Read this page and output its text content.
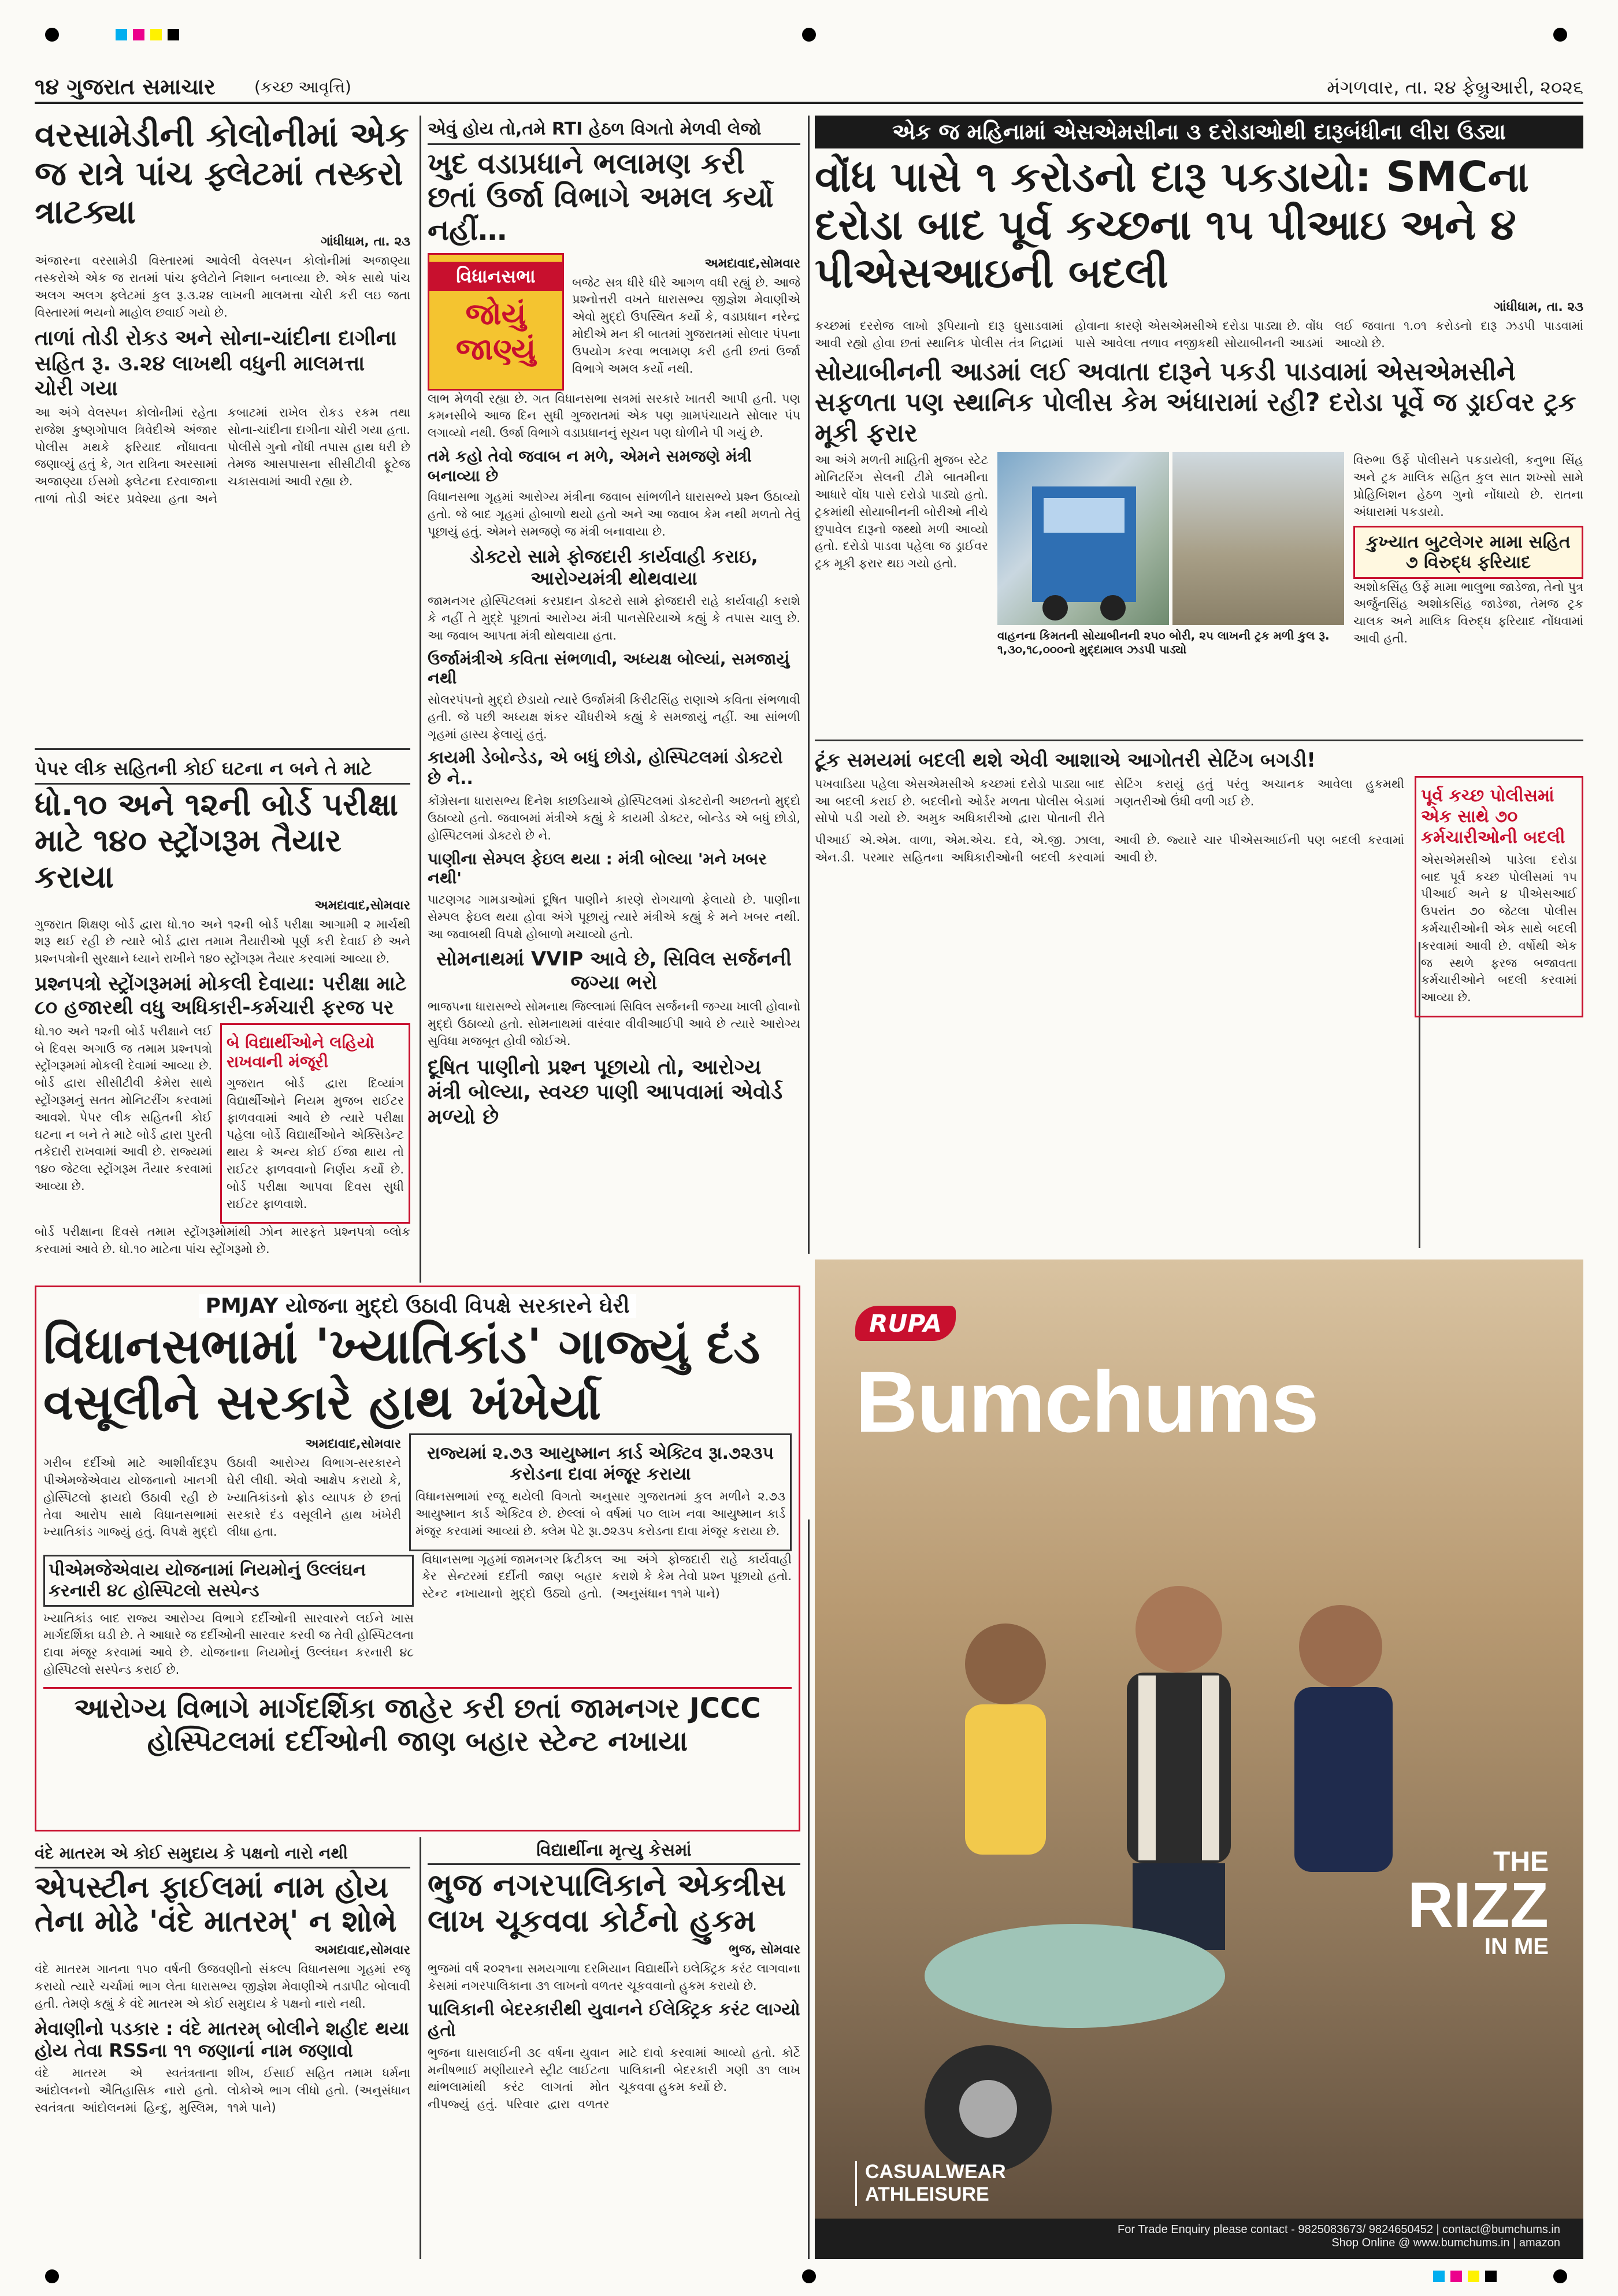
૧૪ ગુજરાત સમાચાર (કચ્છ આવૃત્તિ)	મંગળવાર, તા. ૨૪ ફેબ્રુઆરી, ૨૦૨૬
વરસામેડીની કોલોનીમાં એક જ રાત્રે પાંચ ફ્લેટમાં તસ્કરો ત્રાટક્યા
ગાંધીધામ, તા. ૨૩

અંજારના વરસામેડી વિસ્તારમાં આવેલી વેલસ્પન કોલોનીમાં અજાણ્યા તસ્કરોએ એક જ રાતમાં પાંચ ફ્લેટોને નિશાન બનાવ્યા છે. એક સાથે પાંચ અલગ અલગ ફ્લેટમાં કુલ રૂ.૩.૨૪ લાખની માલમત્તા ચોરી કરી લઇ જતા વિસ્તારમાં ભયનો માહોલ છવાઈ ગયો છે.

તાળાં તોડી રોકડ અને સોના-ચાંદીના દાગીના સહિત રૂ. ૩.૨૪ લાખથી વધુની માલમત્તા ચોરી ગયા

આ અંગે વેલસ્પન કોલોનીમાં રહેતા રાજેશ કુષ્ણગોપાલ ત્રિવેદીએ અંજાર પોલીસ મથકે ફરિયાદ નોંધાવતા જણાવ્યું હતું કે, ગત રાત્રિના અરસામાં અજાણ્યા ઈસમો ફ્લેટના દરવાજાના તાળાં તોડી અંદર પ્રવેશ્યા હતા અને કબાટમાં રાખેલ રોકડ રકમ તથા સોના-ચાંદીના દાગીના ચોરી ગયા હતા. પોલીસે ગુનો નોંધી તપાસ હાથ ધરી છે તેમજ આસપાસના સીસીટીવી ફૂટેજ ચકાસવામાં આવી રહ્યા છે.

પેપર લીક સહિતની કોઈ ઘટના ન બને તે માટે
ધો.૧૦ અને ૧૨ની બોર્ડ પરીક્ષા માટે ૧૪૦ સ્ટ્રોંગરૂમ તૈયાર કરાયા
અમદાવાદ,સોમવાર

ગુજરાત શિક્ષણ બોર્ડ દ્વારા ધો.૧૦ અને ૧૨ની બોર્ડ પરીક્ષા આગામી ૨ માર્ચથી શરૂ થઈ રહી છે ત્યારે બોર્ડ દ્વારા તમામ તૈયારીઓ પૂર્ણ કરી દેવાઈ છે અને પ્રશ્નપત્રોની સુરક્ષાને ધ્યાને રાખીને ૧૪૦ સ્ટ્રોંગરૂમ તૈયાર કરવામાં આવ્યા છે.

પ્રશ્નપત્રો સ્ટ્રોંગરૂમમાં મોકલી દેવાયા: પરીક્ષા માટે ૮૦ હજારથી વધુ અધિકારી-કર્મચારી ફરજ પર

ધો.૧૦ અને ૧૨ની બોર્ડ પરીક્ષાને લઈ બે દિવસ અગાઉ જ તમામ પ્રશ્નપત્રો સ્ટ્રોંગરૂમમાં મોકલી દેવામાં આવ્યા છે. બોર્ડ દ્વારા સીસીટીવી કેમેરા સાથે સ્ટ્રોંગરૂમનું સતત મોનિટરીંગ કરવામાં આવશે. પેપર લીક સહિતની કોઈ ઘટના ન બને તે માટે બોર્ડ દ્વારા પુરતી તકેદારી રાખવામાં આવી છે. રાજ્યમાં ૧૪૦ જેટલા સ્ટ્રોંગરૂમ તૈયાર કરવામાં આવ્યા છે.

બે વિદ્યાર્થીઓને લહિયો રાખવાની મંજૂરી

ગુજરાત બોર્ડ દ્વારા દિવ્યાંગ વિદ્યાર્થીઓને નિયમ મુજબ રાઈટર ફાળવવામાં આવે છે ત્યારે પરીક્ષા પહેલા બોર્ડે વિદ્યાર્થીઓને એક્સિડેન્ટ થાય કે અન્ય કોઈ ઈજા થાય તો રાઈટર ફાળવવાનો નિર્ણય કર્યો છે. બોર્ડ પરીક્ષા આપવા દિવસ સુધી રાઈટર ફાળવાશે.

બોર્ડ પરીક્ષાના દિવસે તમામ સ્ટ્રોંગરૂમોમાંથી ઝોન મારફતે પ્રશ્નપત્રો બ્લોક કરવામાં આવે છે. ધો.૧૦ માટેના પાંચ સ્ટ્રોંગરૂમો છે.

એવું હોય તો,તમે RTI હેઠળ વિગતો મેળવી લેજો
ખુદ વડાપ્રધાને ભલામણ કરી છતાં ઉર્જા વિભાગે અમલ કર્યો નહીં…
વિધાનસભા
જોયું
જાણ્યું
અમદાવાદ,સોમવાર

બજેટ સત્ર ધીરે ધીરે આગળ વધી રહ્યું છે. આજે પ્રશ્નોત્તરી વખતે ધારાસભ્ય જીજ્ઞેશ મેવાણીએ એવો મુદ્દો ઉપસ્થિત કર્યો કે, વડાપ્રધાન નરેન્દ્ર મોદીએ મન કી બાતમાં ગુજરાતમાં સોલાર પંપના ઉપયોગ કરવા ભલામણ કરી હતી છતાં ઉર્જા વિભાગે અમલ કર્યો નથી.

લાભ મેળવી રહ્યા છે. ગત વિધાનસભા સત્રમાં સરકારે ખાતરી આપી હતી. પણ કમનસીબે આજ દિન સુધી ગુજરાતમાં એક પણ ગ્રામપંચાયતે સોલાર પંપ લગાવ્યો નથી. ઉર્જા વિભાગે વડાપ્રધાનનું સૂચન પણ ઘોળીને પી ગયું છે.

તમે કહો તેવો જવાબ ન મળે, એમને સમજણે મંત્રી બનાવ્યા છે

વિધાનસભા ગૃહમાં આરોગ્ય મંત્રીના જવાબ સાંભળીને ધારાસભ્યે પ્રશ્ન ઉઠાવ્યો હતો. જે બાદ ગૃહમાં હોબાળો થયો હતો અને આ જવાબ કેમ નથી મળતો તેવું પૂછાયું હતું. એમને સમજણે જ મંત્રી બનાવાયા છે.

ડોક્ટરો સામે ફોજદારી કાર્યવાહી કરાઇ, આરોગ્યમંત્રી થોથવાયા

જામનગર હોસ્પિટલમાં કરપ્રદાન ડોક્ટરો સામે ફોજદારી રાહે કાર્યવાહી કરાશે કે નહીં તે મુદ્દે પૂછાતાં આરોગ્ય મંત્રી પાનસેરિયાએ કહ્યું કે તપાસ ચાલુ છે. આ જવાબ આપતા મંત્રી થોથવાયા હતા.

ઉર્જામંત્રીએ કવિતા સંભળાવી, અધ્યક્ષ બોલ્યાં, સમજાયું નથી

સોલરપંપનો મુદ્દો છેડાયો ત્યારે ઉર્જામંત્રી કિરીટસિંહ રાણાએ કવિતા સંભળાવી હતી. જે પછી અધ્યક્ષ શંકર ચૌધરીએ કહ્યું કે સમજાયું નહીં. આ સાંભળી ગૃહમાં હાસ્ય ફેલાયું હતું.

કાયમી ડેબોન્ડેડ, એ બધું છોડો, હોસ્પિટલમાં ડોક્ટરો છે ને..

કોંગ્રેસના ધારાસભ્ય દિનેશ કાછડિયાએ હોસ્પિટલમાં ડોક્ટરોની અછતનો મુદ્દો ઉઠાવ્યો હતો. જવાબમાં મંત્રીએ કહ્યું કે કાયમી ડોક્ટર, બોન્ડેડ એ બધું છોડો, હોસ્પિટલમાં ડોક્ટરો છે ને.

પાણીના સેમ્પલ ફેઇલ થયા : મંત્રી બોલ્યા 'મને ખબર નથી'

પાટણગઢ ગામડાઓમાં દૂષિત પાણીને કારણે રોગચાળો ફેલાયો છે. પાણીના સેમ્પલ ફેઇલ થયા હોવા અંગે પૂછાયું ત્યારે મંત્રીએ કહ્યું કે મને ખબર નથી. આ જવાબથી વિપક્ષે હોબાળો મચાવ્યો હતો.

સોમનાથમાં VVIP આવે છે, સિવિલ સર્જનની જગ્યા ભરો

ભાજપના ધારાસભ્યે સોમનાથ જિલ્લામાં સિવિલ સર્જનની જગ્યા ખાલી હોવાનો મુદ્દો ઉઠાવ્યો હતો. સોમનાથમાં વારંવાર વીવીઆઈપી આવે છે ત્યારે આરોગ્ય સુવિધા મજબૂત હોવી જોઈએ.

દૂષિત પાણીનો પ્રશ્ન પૂછાયો તો, આરોગ્ય મંત્રી બોલ્યા, સ્વચ્છ પાણી આપવામાં એવોર્ડ મળ્યો છે
એક જ મહિનામાં એસએમસીના ૩ દરોડાઓથી દારૂબંધીના લીરા ઉડ્યા
વોંધ પાસે ૧ કરોડનો દારૂ પકડાયો: SMCના દરોડા બાદ પૂર્વ કચ્છના ૧૫ પીઆઇ અને ૪ પીએસઆઇની બદલી
ગાંધીધામ, તા. ૨૩

કચ્છમાં દરરોજ લાખો રૂપિયાનો દારૂ ઘુસાડવામાં આવી રહ્યો હોવા છતાં સ્થાનિક પોલીસ તંત્ર નિદ્રામાં હોવાના કારણે એસએમસીએ દરોડા પાડ્યા છે. વોંધ પાસે આવેલા તળાવ નજીકથી સોયાબીનની આડમાં લઈ જવાતા ૧.૦૧ કરોડનો દારૂ ઝડપી પાડવામાં આવ્યો છે.

સોયાબીનની આડમાં લઈ અવાતા દારૂને પકડી પાડવામાં એસએમસીને સફળતા પણ સ્થાનિક પોલીસ કેમ અંધારામાં રહી? દરોડા પૂર્વે જ ડ્રાઈવર ટ્રક મૂકી ફરાર

આ અંગે મળતી માહિતી મુજબ સ્ટેટ મોનિટરિંગ સેલની ટીમે બાતમીના આધારે વોંધ પાસે દરોડો પાડ્યો હતો. ટ્રકમાંથી સોયાબીનની બોરીઓ નીચે છુપાવેલ દારૂનો જથ્થો મળી આવ્યો હતો. દરોડો પાડવા પહેલા જ ડ્રાઈવર ટ્રક મૂકી ફરાર થઇ ગયો હતો.

વાહનના કિમતની સોયાબીનની ૨૫૦ બોરી, ૨૫ લાખની ટ્રક મળી કુલ રૂ. ૧,૩૦,૧૮,૦૦૦નો મુદ્દામાલ ઝડપી પાડ્યો

વિરુભા ઉર્ફે પોલીસને પકડાયેલી, કનુભા સિંહ અને ટ્રક માલિક સહિત કુલ સાત શખ્સો સામે પ્રોહિબિશન હેઠળ ગુનો નોંધાયો છે. રાતના અંધારામાં પકડાયો.

કુખ્યાત બુટલેગર મામા સહિત ૭ વિરુદ્ધ ફરિયાદ

અશોકસિંહ ઉર્ફે મામા ભાલુભા જાડેજા, તેનો પુત્ર અર્જુનસિંહ અશોકસિંહ જાડેજા, તેમજ ટ્રક ચાલક અને માલિક વિરુદ્ધ ફરિયાદ નોંધવામાં આવી હતી.

ટૂંક સમયમાં બદલી થશે એવી આશાએ આગોતરી સેટિંગ બગડી!

પખવાડિયા પહેલા એસએમસીએ કચ્છમાં દરોડો પાડ્યા બાદ આ બદલી કરાઈ છે. બદલીનો ઓર્ડર મળતા પોલીસ બેડામાં સોપો પડી ગયો છે. અમુક અધિકારીઓ દ્વારા પોતાની રીતે સેટિંગ કરાયું હતું પરંતુ અચાનક આવેલા હુકમથી ગણતરીઓ ઉંધી વળી ગઈ છે.

પીઆઈ એ.એમ. વાળા, એમ.એચ. દવે, એ.જી. ઝાલા, એન.ડી. પરમાર સહિતના અધિકારીઓની બદલી કરવામાં આવી છે. જ્યારે ચાર પીએસઆઈની પણ બદલી કરવામાં આવી છે.

પૂર્વ કચ્છ પોલીસમાં એક સાથે ૭૦ કર્મચારીઓની બદલી

એસએમસીએ પાડેલા દરોડા બાદ પૂર્વ કચ્છ પોલીસમાં ૧૫ પીઆઈ અને ૪ પીએસઆઈ ઉપરાંત ૭૦ જેટલા પોલીસ કર્મચારીઓની એક સાથે બદલી કરવામાં આવી છે. વર્ષોથી એક જ સ્થળે ફરજ બજાવતા કર્મચારીઓને બદલી કરવામાં આવ્યા છે.

PMJAY યોજના મુદ્દો ઉઠાવી વિપક્ષે સરકારને ઘેરી
વિધાનસભામાં 'ખ્યાતિકાંડ' ગાજ્યું દંડ વસૂલીને સરકારે હાથ ખંખેર્યા
અમદાવાદ,સોમવાર

ગરીબ દર્દીઓ માટે આશીર્વાદરૂપ પીએમજેએવાય યોજનાનો ખાનગી હોસ્પિટલો ફાયદો ઉઠાવી રહી છે તેવા આરોપ સાથે વિધાનસભામાં ખ્યાતિકાંડ ગાજ્યું હતું. વિપક્ષે મુદ્દો ઉઠાવી આરોગ્ય વિભાગ-સરકારને ઘેરી લીધી. એવો આક્ષેપ કરાયો કે, ખ્યાતિકાંડનો ફ્રોડ વ્યાપક છે છતાં સરકારે દંડ વસૂલીને હાથ ખંખેરી લીધા હતા.

રાજ્યમાં ૨.૭૩ આયુષ્માન કાર્ડ એક્ટિવ રૂા.૭૨૩૫ કરોડના દાવા મંજૂર કરાયા

વિધાનસભામાં રજૂ થયેલી વિગતો અનુસાર ગુજરાતમાં કુલ મળીને ૨.૭૩ આયુષ્માન કાર્ડ એક્ટિવ છે. છેલ્લાં બે વર્ષમાં ૫૦ લાખ નવા આયુષ્માન કાર્ડ મંજૂર કરવામાં આવ્યાં છે. ક્લેમ પેટે રૂા.૭૨૩૫ કરોડના દાવા મંજૂર કરાયા છે.

પીએમજેએવાય યોજનામાં નિયમોનું ઉલ્લંઘન કરનારી ૪૮ હોસ્પિટલો સસ્પેન્ડ

ખ્યાતિકાંડ બાદ રાજ્ય આરોગ્ય વિભાગે દર્દીઓની સારવારને લઈને ખાસ માર્ગદર્શિકા ઘડી છે. તે આધારે જ દર્દીઓની સારવાર કરવી જ તેવી હોસ્પિટલના દાવા મંજૂર કરવામાં આવે છે. યોજનાના નિયમોનું ઉલ્લંઘન કરનારી ૪૮ હોસ્પિટલો સસ્પેન્ડ કરાઈ છે.

વિધાનસભા ગૃહમાં જામનગર ક્રિટીકલ કેર સેન્ટરમાં દર્દીની જાણ બહાર સ્ટેન્ટ નખાયાનો મુદ્દો ઉઠ્યો હતો. આ અંગે ફોજદારી રાહે કાર્યવાહી કરાશે કે કેમ તેવો પ્રશ્ન પૂછાયો હતો. (અનુસંધાન ૧૧મે પાને)

આરોગ્ય વિભાગે માર્ગદર્શિકા જાહેર કરી છતાં જામનગર JCCC હોસ્પિટલમાં દર્દીઓની જાણ બહાર સ્ટેન્ટ નખાયા
વંદે માતરમ એ કોઈ સમુદાય કે પક્ષનો નારો નથી
એપસ્ટીન ફાઈલમાં નામ હોય તેના મોઢે 'વંદે માતરમ્' ન શોભે
અમદાવાદ,સોમવાર

વંદે માતરમ ગાનના ૧૫૦ વર્ષની ઉજવણીનો સંકલ્પ વિધાનસભા ગૃહમાં રજૂ કરાયો ત્યારે ચર્ચામાં ભાગ લેતા ધારાસભ્ય જીજ્ઞેશ મેવાણીએ તડાપીટ બોલાવી હતી. તેમણે કહ્યું કે વંદે માતરમ એ કોઈ સમુદાય કે પક્ષનો નારો નથી.

મેવાણીનો પડકાર : વંદે માતરમ્ બોલીને શહીદ થયા હોય તેવા RSSના ૧૧ જણાનાં નામ જણાવો

વંદે માતરમ એ સ્વતંત્રતાના આંદોલનનો ઐતિહાસિક નારો હતો. સ્વતંત્રતા આંદોલનમાં હિન્દુ, મુસ્લિમ, શીખ, ઈસાઈ સહિત તમામ ધર્મના લોકોએ ભાગ લીધો હતો. (અનુસંધાન ૧૧મે પાને)

વિદ્યાર્થીના મૃત્યુ કેસમાં
ભુજ નગરપાલિકાને એકત્રીસ લાખ ચૂકવવા કોર્ટનો હુકમ
ભુજ, સોમવાર

ભુજમાં વર્ષ ૨૦૨૧ના સમયગાળા દરમિયાન વિદ્યાર્થીને ઇલેક્ટ્રિક કરંટ લાગવાના કેસમાં નગરપાલિકાના ૩૧ લાખનો વળતર ચૂકવવાનો હુકમ કરાયો છે.

પાલિકાની બેદરકારીથી યુવાનને ઈલેક્ટ્રિક કરંટ લાગ્યો હતો

ભુજના ઘાસલાઈની ૩૯ વર્ષના યુવાન મનીષભાઈ મણીયારને સ્ટ્રીટ લાઈટના થાંભલામાંથી કરંટ લાગતાં મોત નીપજ્યું હતું. પરિવાર દ્વારા વળતર માટે દાવો કરવામાં આવ્યો હતો. કોર્ટે પાલિકાની બેદરકારી ગણી ૩૧ લાખ ચૂકવવા હુકમ કર્યો છે.

RUPA
Bumchums
THE
RIZZ
IN ME
CASUALWEAR
ATHLEISURE
For Trade Enquiry please contact - 9825083673/ 9824650452 | contact@bumchums.in
Shop Online @ www.bumchums.in | amazon
